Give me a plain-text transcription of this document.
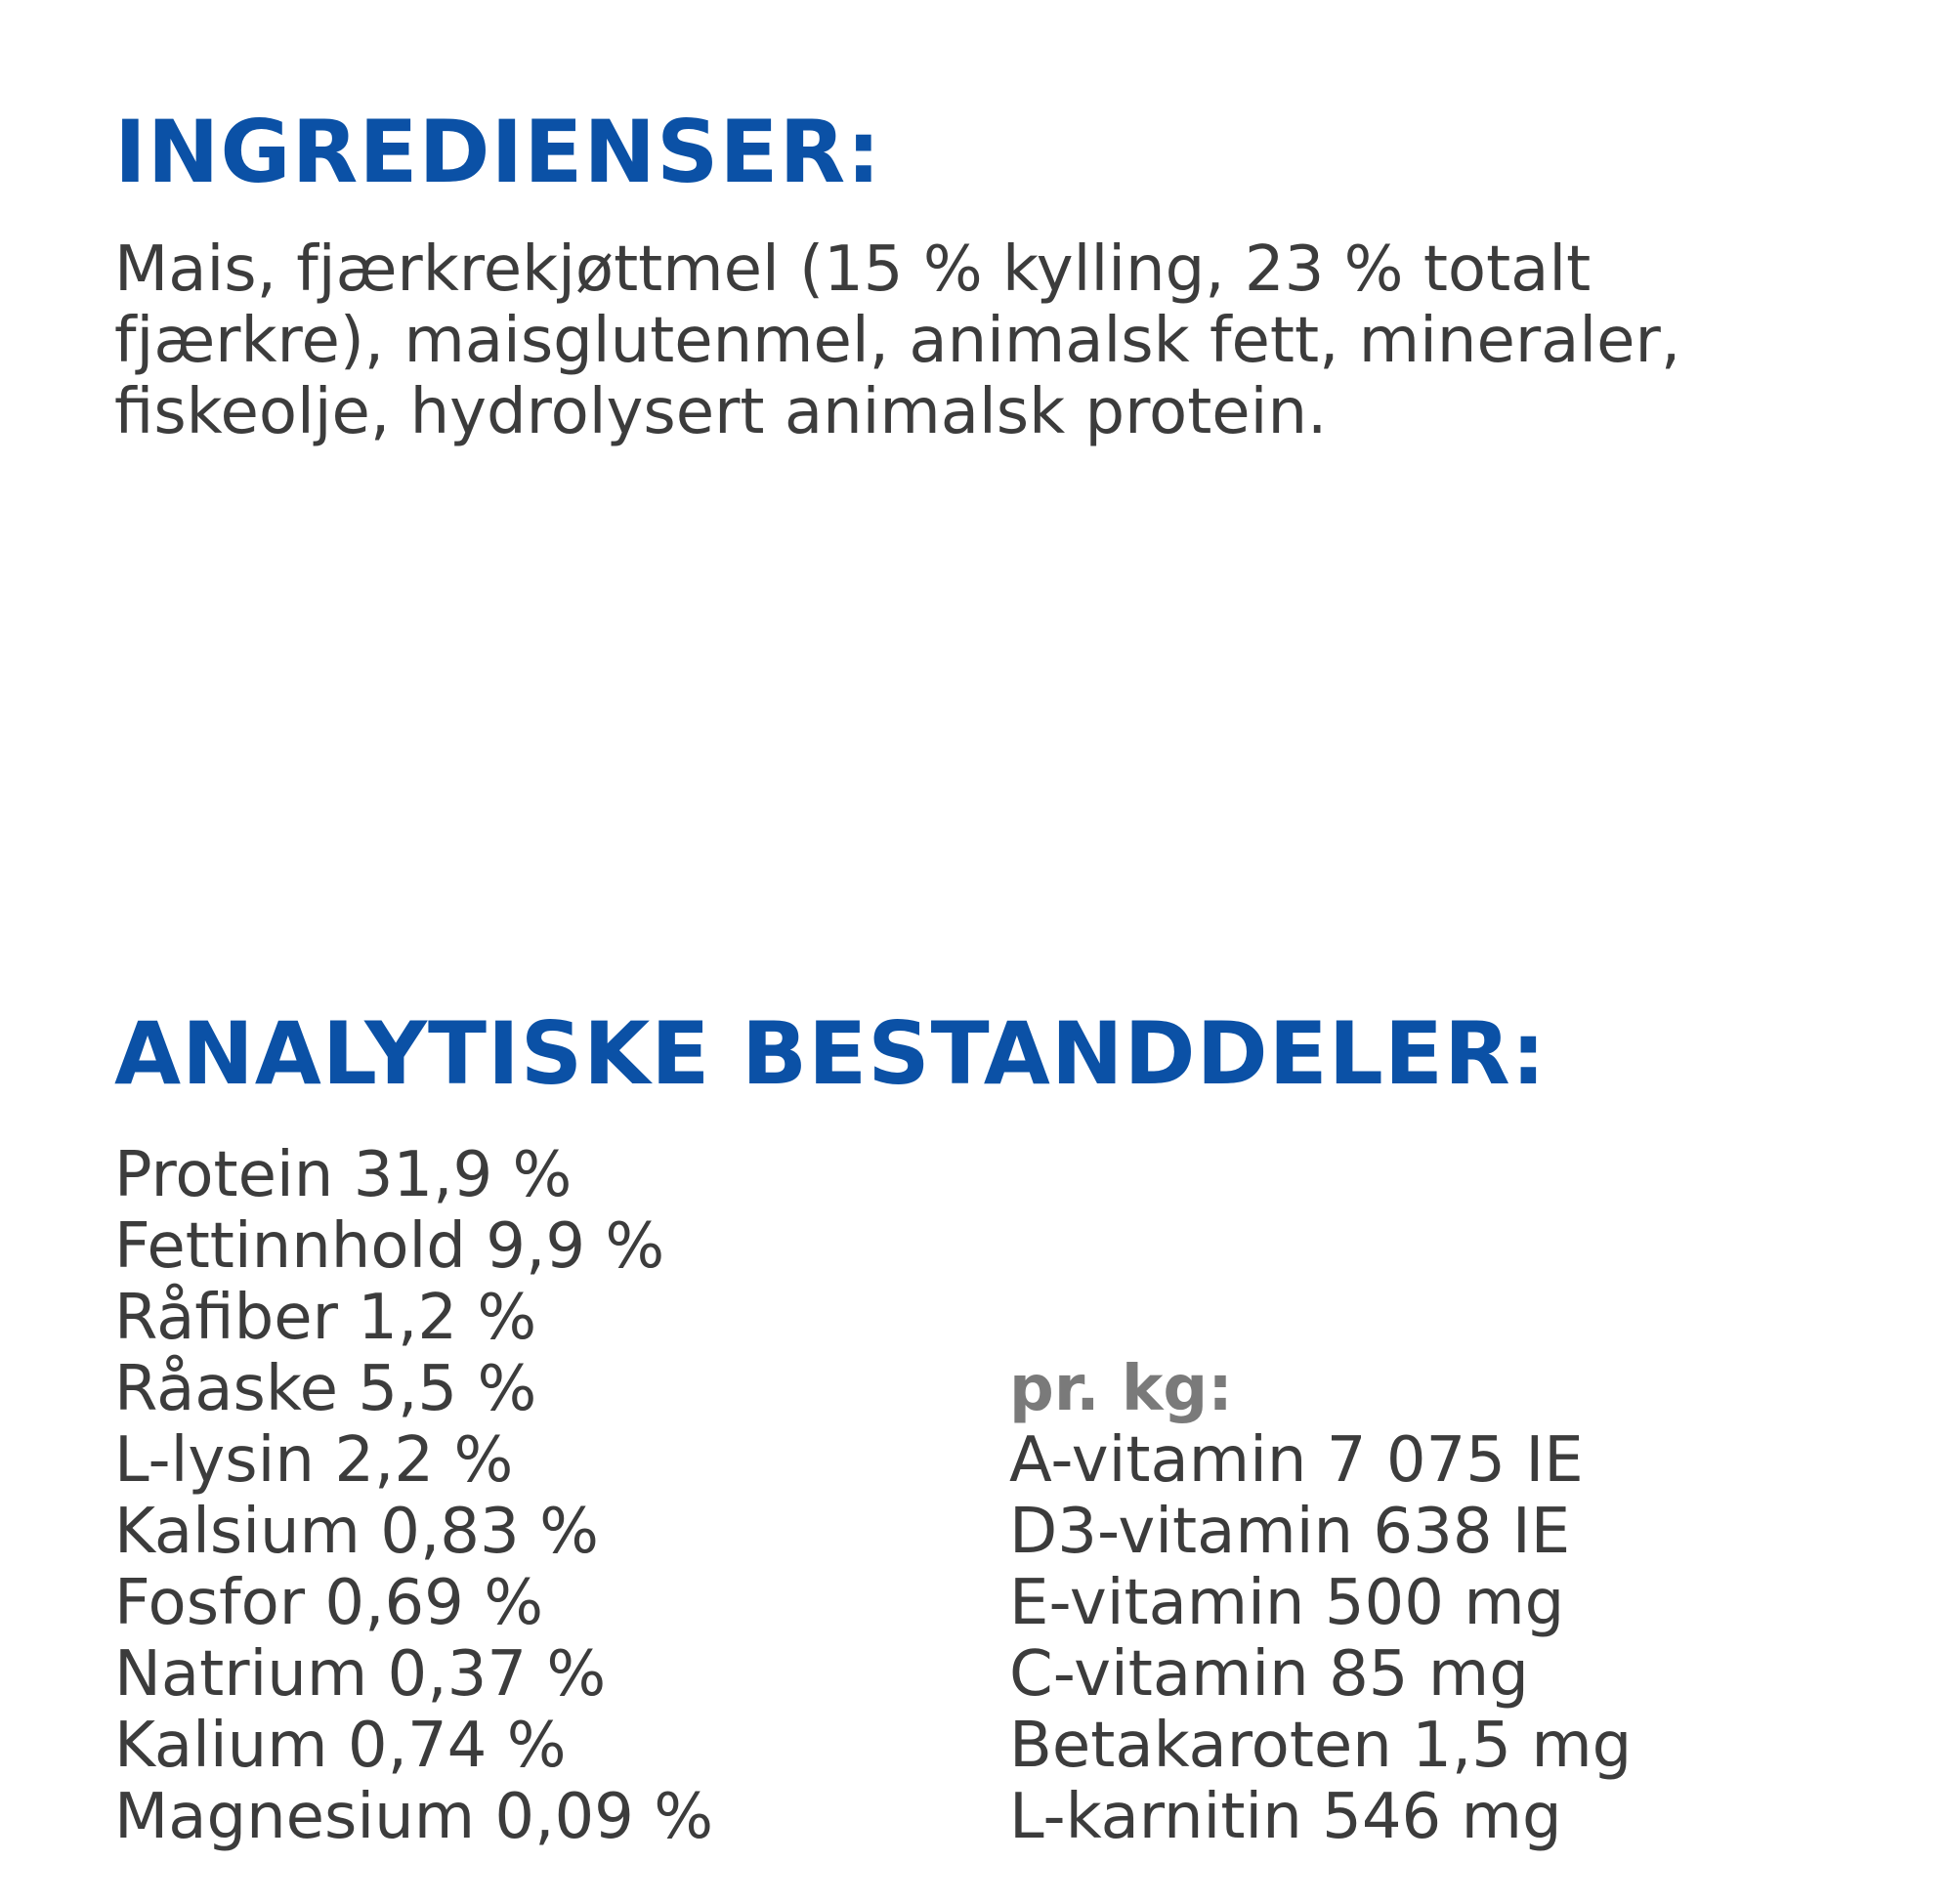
INGREDIENSER:

Mais, fjærkrekjøttmel (15 % kylling, 23 % totalt fjærkre), maisglutenmel, animalsk fett, mineraler, fiskeolje, hydrolysert animalsk protein.

ANALYTISKE BESTANDDELER:
Protein 31,9 %
Fettinnhold 9,9 %
Råfiber 1,2 %
Råaske 5,5 %
L-lysin 2,2 %
Kalsium 0,83 %
Fosfor 0,69 %
Natrium 0,37 %
Kalium 0,74 %
Magnesium 0,09 %
pr. kg:
A-vitamin 7 075 IE
D3-vitamin 638 IE
E-vitamin 500 mg
C-vitamin 85 mg
Betakaroten 1,5 mg
L-karnitin 546 mg
